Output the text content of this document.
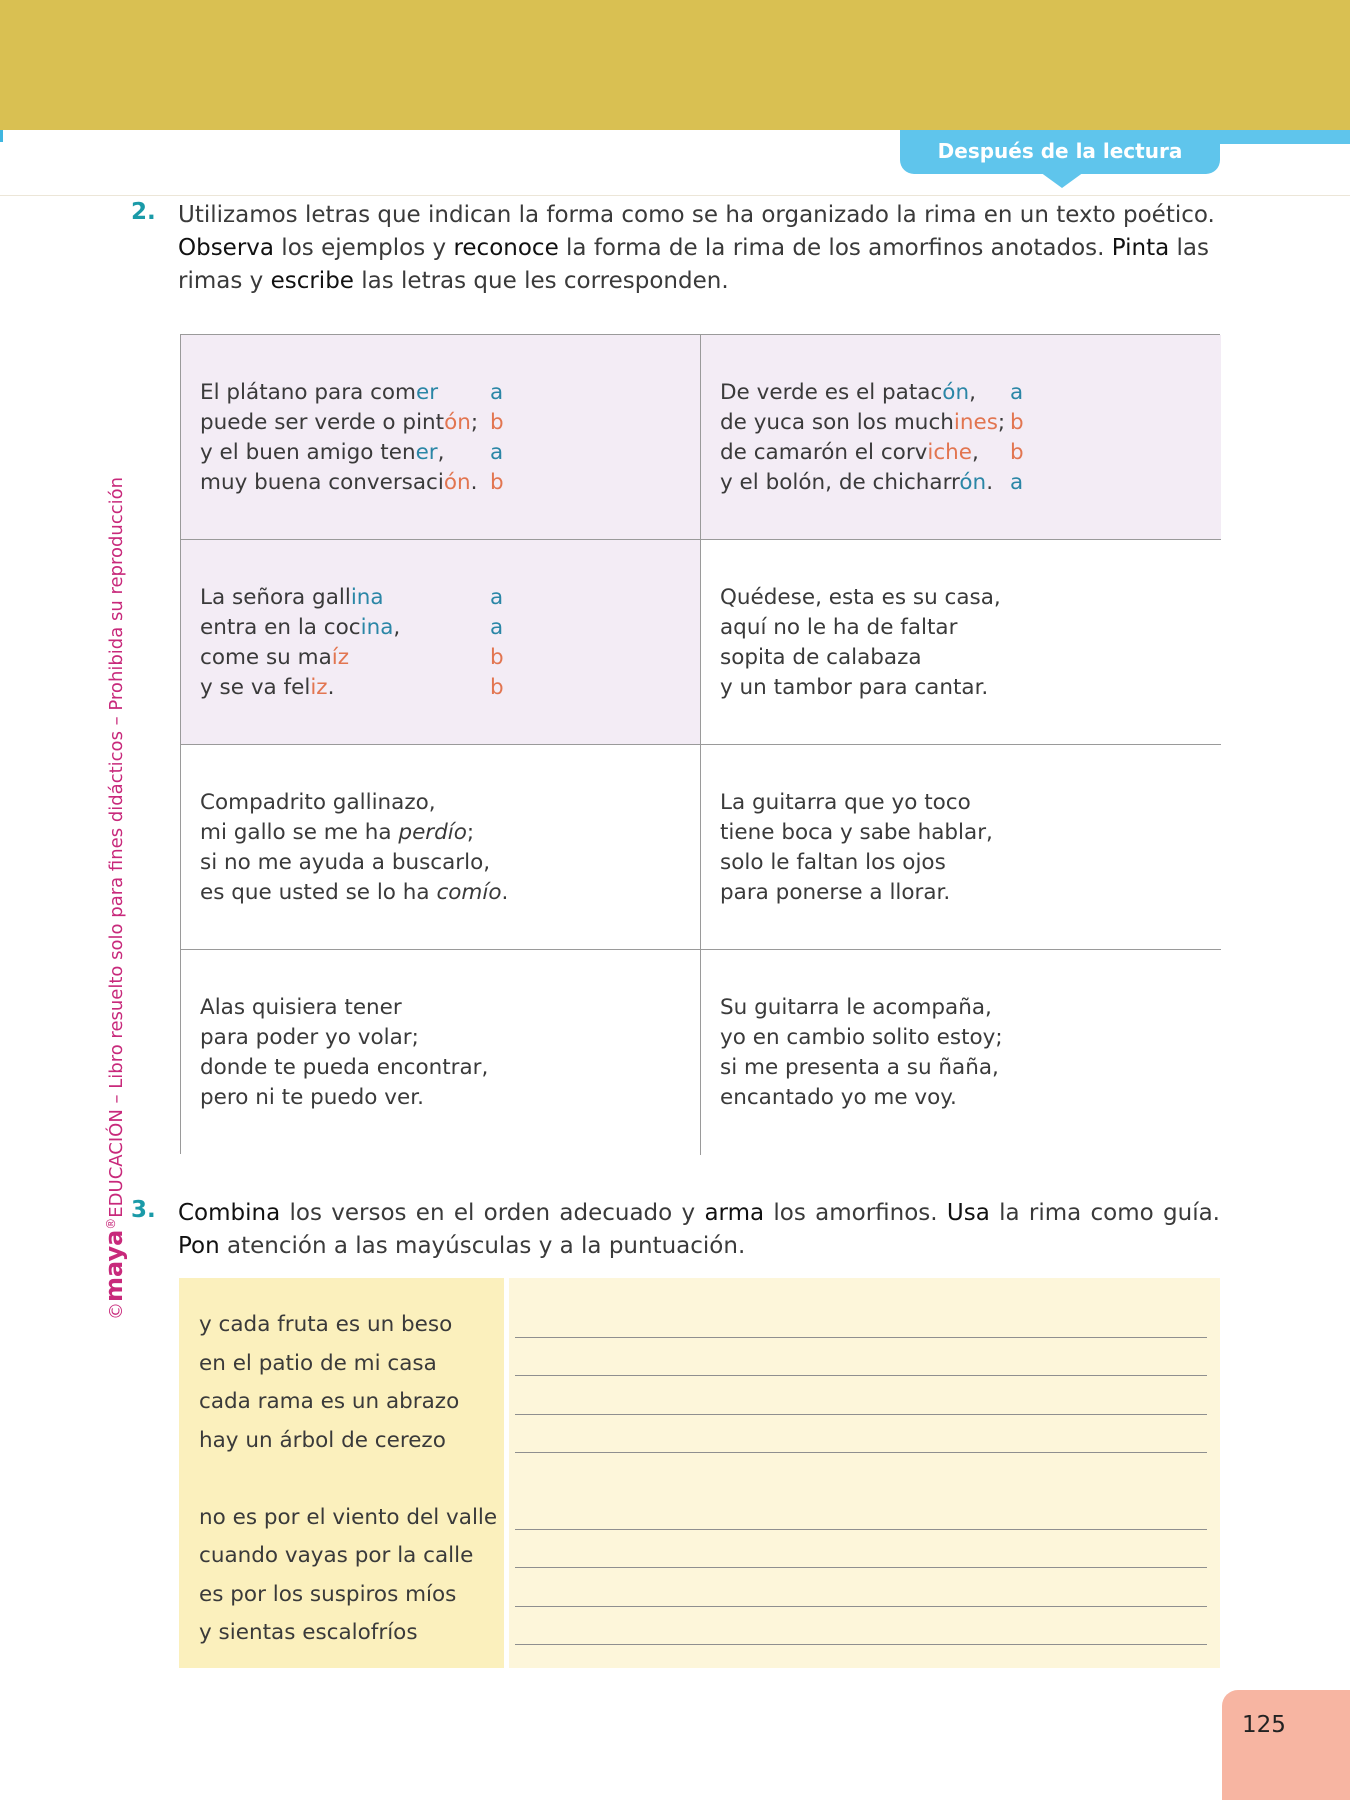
Después de la lectura
©maya®EDUCACIÓN – Libro resuelto solo para fines didácticos – Prohibida su reproducción
2. Utilizamos letras que indican la forma como se ha organizado la rima en un texto poético. Observa los ejemplos y reconoce la forma de la rima de los amorfinos anotados. Pinta las rimas y escribe las letras que les corresponden.
El plátano para comer	a
puede ser verde o pintón; b
y el buen amigo tener,	a
muy buena conversación. b
De verde es el patacón,	a
de yuca son los muchines; b
de camarón el corviche,	b
y el bolón, de chicharrón. a
La señora gallina	a
entra en la cocina,	a
come su maíz	b
y se va feliz.	b
Quédese, esta es su casa,
aquí no le ha de faltar
sopita de calabaza
y un tambor para cantar.
Compadrito gallinazo,
mi gallo se me ha perdío;
si no me ayuda a buscarlo,
es que usted se lo ha comío.
La guitarra que yo toco
tiene boca y sabe hablar,
solo le faltan los ojos
para ponerse a llorar.
Alas quisiera tener
para poder yo volar;
donde te pueda encontrar,
pero ni te puedo ver.
Su guitarra le acompaña,
yo en cambio solito estoy;
si me presenta a su ñaña,
encantado yo me voy.
3. Combina los versos en el orden adecuado y arma los amorfinos. Usa la rima como guía. Pon atención a las mayúsculas y a la puntuación.
y cada fruta es un beso
en el patio de mi casa
cada rama es un abrazo
hay un árbol de cerezo
no es por el viento del valle
cuando vayas por la calle
es por los suspiros míos
y sientas escalofríos
125
